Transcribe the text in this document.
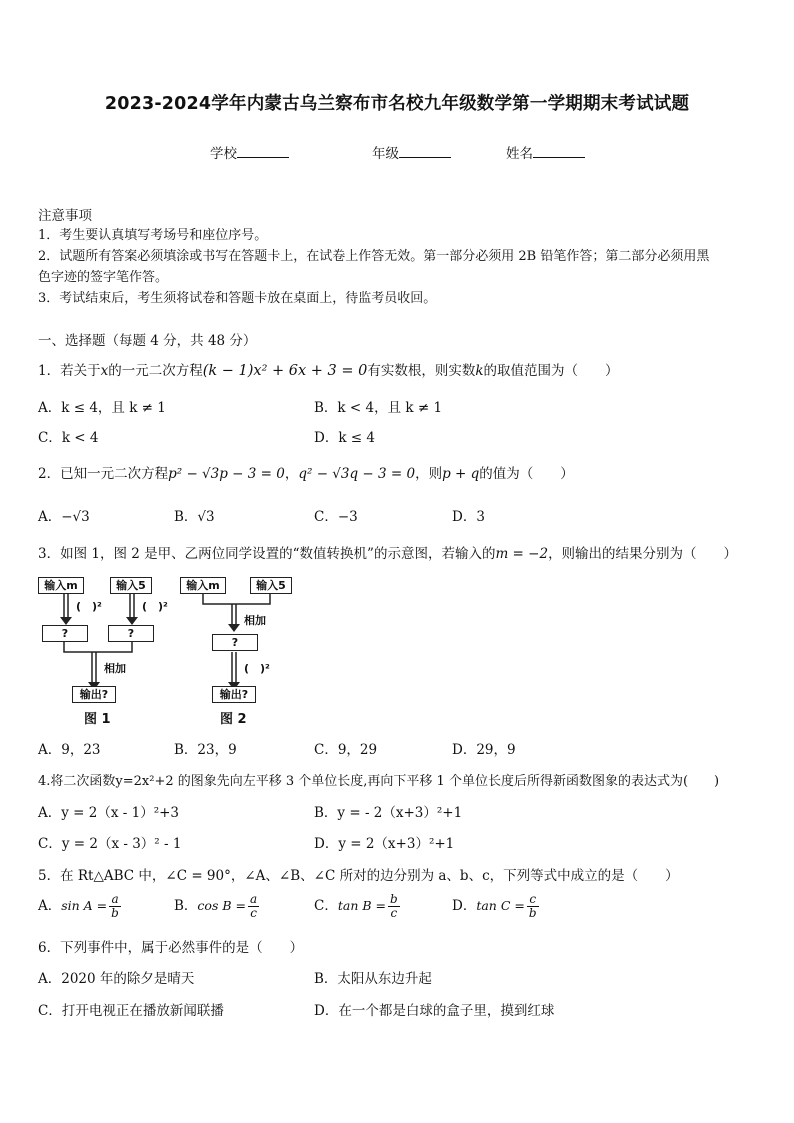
2023-2024学年内蒙古乌兰察布市名校九年级数学第一学期期末考试试题
学校	年级	姓名
注意事项
1．考生要认真填写考场号和座位序号。
2．试题所有答案必须填涂或书写在答题卡上，在试卷上作答无效。第一部分必须用 2B 铅笔作答；第二部分必须用黑
色字迹的签字笔作答。
3．考试结束后，考生须将试卷和答题卡放在桌面上，待监考员收回。
一、选择题（每题 4 分，共 48 分）
1．若关于x的一元二次方程(k − 1)x² + 6x + 3 = 0有实数根，则实数k的取值范围为（　　）
A．k ≤ 4，且 k ≠ 1	B．k < 4，且 k ≠ 1
C．k < 4	D．k ≤ 4
2．已知一元二次方程p² − √3p − 3 = 0，q² − √3q − 3 = 0，则p + q的值为（　　）
A．−√3	B．√3	C．−3	D．3
3．如图 1，图 2 是甲、乙两位同学设置的“数值转换机”的示意图，若输入的m = −2，则输出的结果分别为（　　）
输入m	输入5
(　)²	(　)²
?	?
相加
输出?
图 1
输入m	输入5
相加
?
(　)²
输出?
图 2
A．9，23	B．23，9	C．9，29	D．29，9
4.将二次函数y=2x²+2 的图象先向左平移 3 个单位长度,再向下平移 1 个单位长度后所得新函数图象的表达式为(　　)
A．y = 2（x - 1）²+3	B．y = - 2（x+3）²+1
C．y = 2（x - 3）² - 1	D．y = 2（x+3）²+1
5．在 Rt△ABC 中，∠C = 90°，∠A、∠B、∠C 所对的边分别为 a、b、c，下列等式中成立的是（　　）
A．$\sin A = \frac{a}{b}$	B．$\cos B = \frac{a}{c}$	C．$\tan B = \frac{b}{c}$	D．$\tan C = \frac{c}{b}$
6．下列事件中，属于必然事件的是（　　）
A．2020 年的除夕是晴天	B．太阳从东边升起
C．打开电视正在播放新闻联播	D．在一个都是白球的盒子里，摸到红球
